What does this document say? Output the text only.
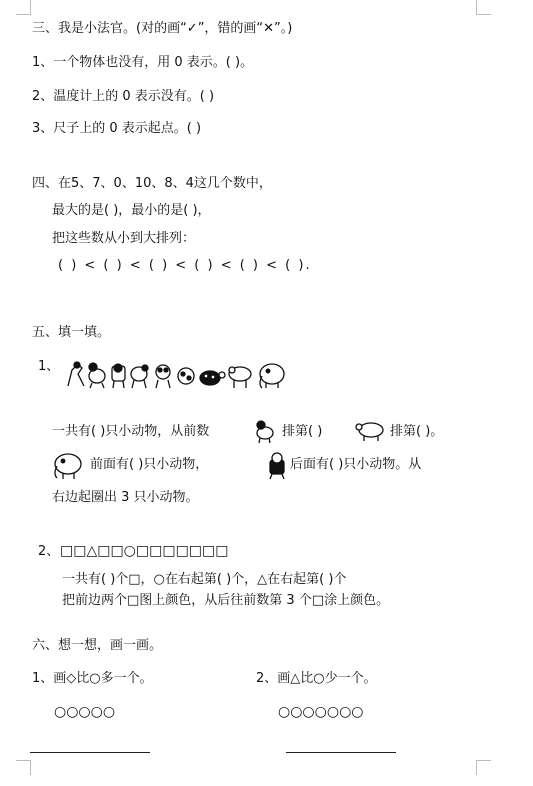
三、我是小法官。(对的画“✓”，错的画“✕”。)
1、一个物体也没有，用 0 表示。( )。
2、温度计上的 0 表示没有。( )
3、尺子上的 0 表示起点。( )
四、在5、7、0、10、8、4这几个数中，
最大的是( )，最小的是( )，
把这些数从小到大排列：
( ) < ( ) < ( ) < ( ) < ( ) < ( ).
五、填一填。
1、
一共有( )只小动物，从前数	排第( )	排第( )。
前面有( )只小动物，	后面有( )只小动物。从
右边起圈出 3 只小动物。
2、 □□△□□○□□□□□□□
一共有( )个□，○在右起第( )个，△在右起第( )个
把前边两个□图上颜色，从后往前数第 3 个□涂上颜色。
六、想一想，画一画。
1、画◇比○多一个。	2、画△比○少一个。
○○○○○	○○○○○○○
